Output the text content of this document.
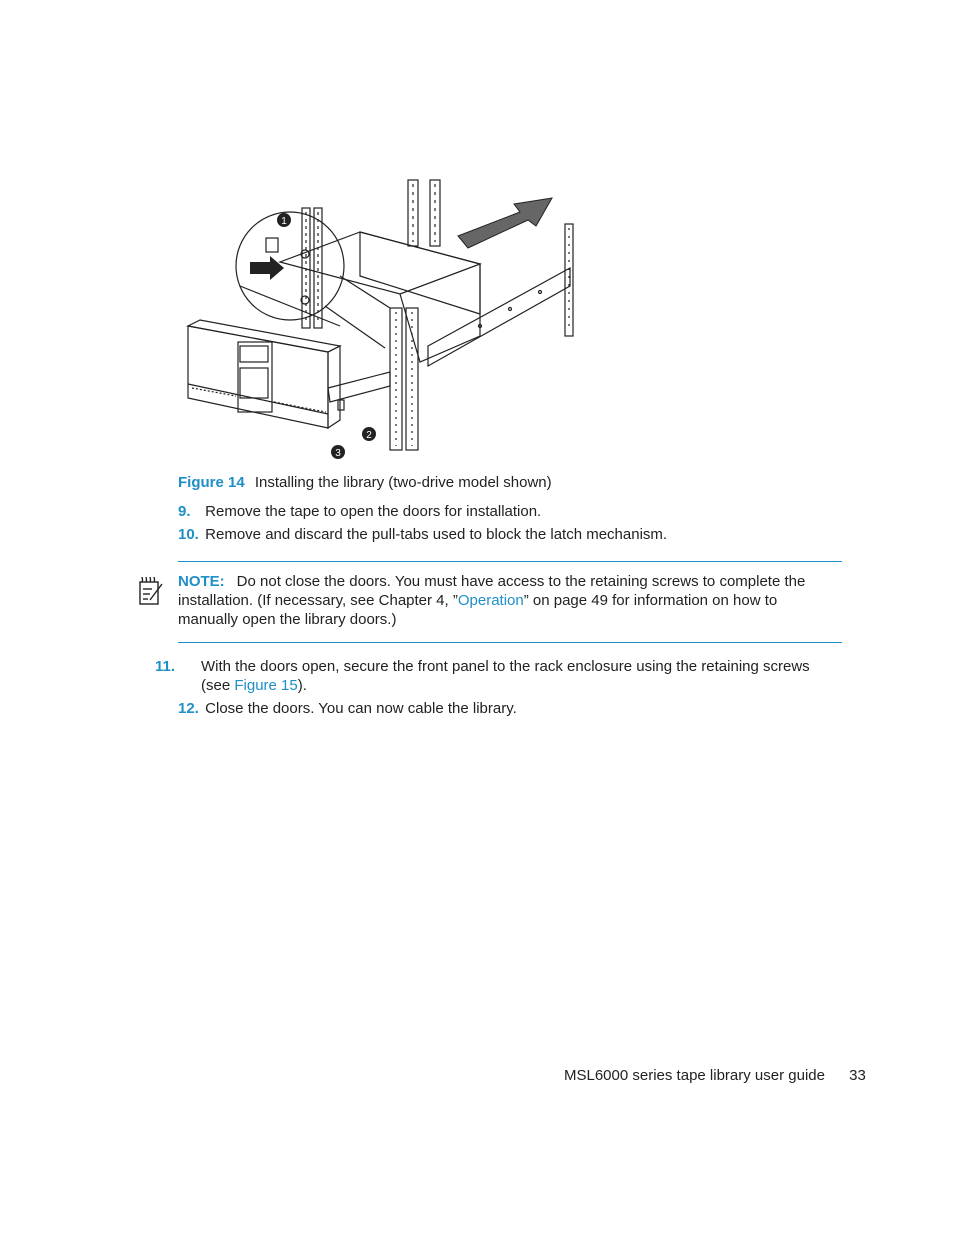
1
2
3
Figure 14 Installing the library (two-drive model shown)
9. Remove the tape to open the doors for installation.
10. Remove and discard the pull-tabs used to block the latch mechanism.
NOTE: Do not close the doors. You must have access to the retaining screws to complete the installation. (If necessary, see Chapter 4, ”Operation” on page 49 for information on how to manually open the library doors.)
11. With the doors open, secure the front panel to the rack enclosure using the retaining screws (see Figure 15).
12. Close the doors. You can now cable the library.
MSL6000 series tape library user guide 33
